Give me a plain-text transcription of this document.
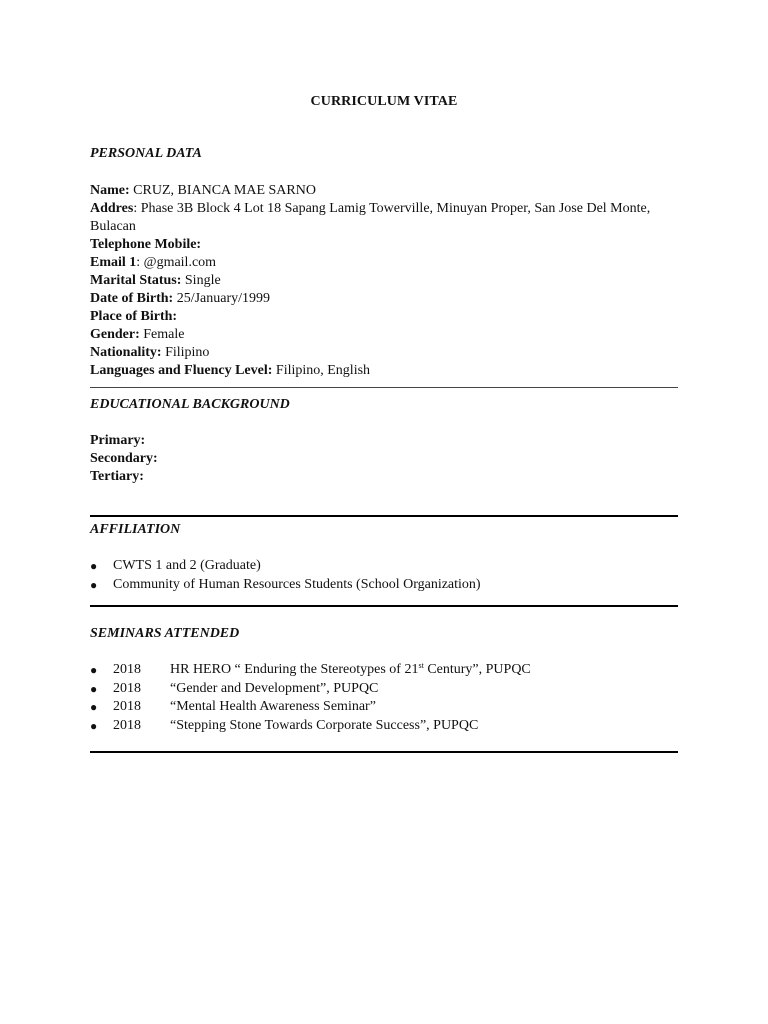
CURRICULUM VITAE
PERSONAL DATA
Name: CRUZ, BIANCA MAE SARNO
Addres: Phase 3B Block 4 Lot 18 Sapang Lamig Towerville, Minuyan Proper, San Jose Del Monte, Bulacan
Telephone Mobile:
Email 1: @gmail.com
Marital Status: Single
Date of Birth: 25/January/1999
Place of Birth:
Gender: Female
Nationality: Filipino
Languages and Fluency Level: Filipino, English
EDUCATIONAL BACKGROUND
Primary:
Secondary:
Tertiary:
AFFILIATION
● CWTS 1 and 2 (Graduate)
● Community of Human Resources Students (School Organization)
SEMINARS ATTENDED
● 2018 HR HERO “ Enduring the Stereotypes of 21st Century”, PUPQC
● 2018 “Gender and Development”, PUPQC
● 2018 “Mental Health Awareness Seminar”
● 2018 “Stepping Stone Towards Corporate Success”, PUPQC
